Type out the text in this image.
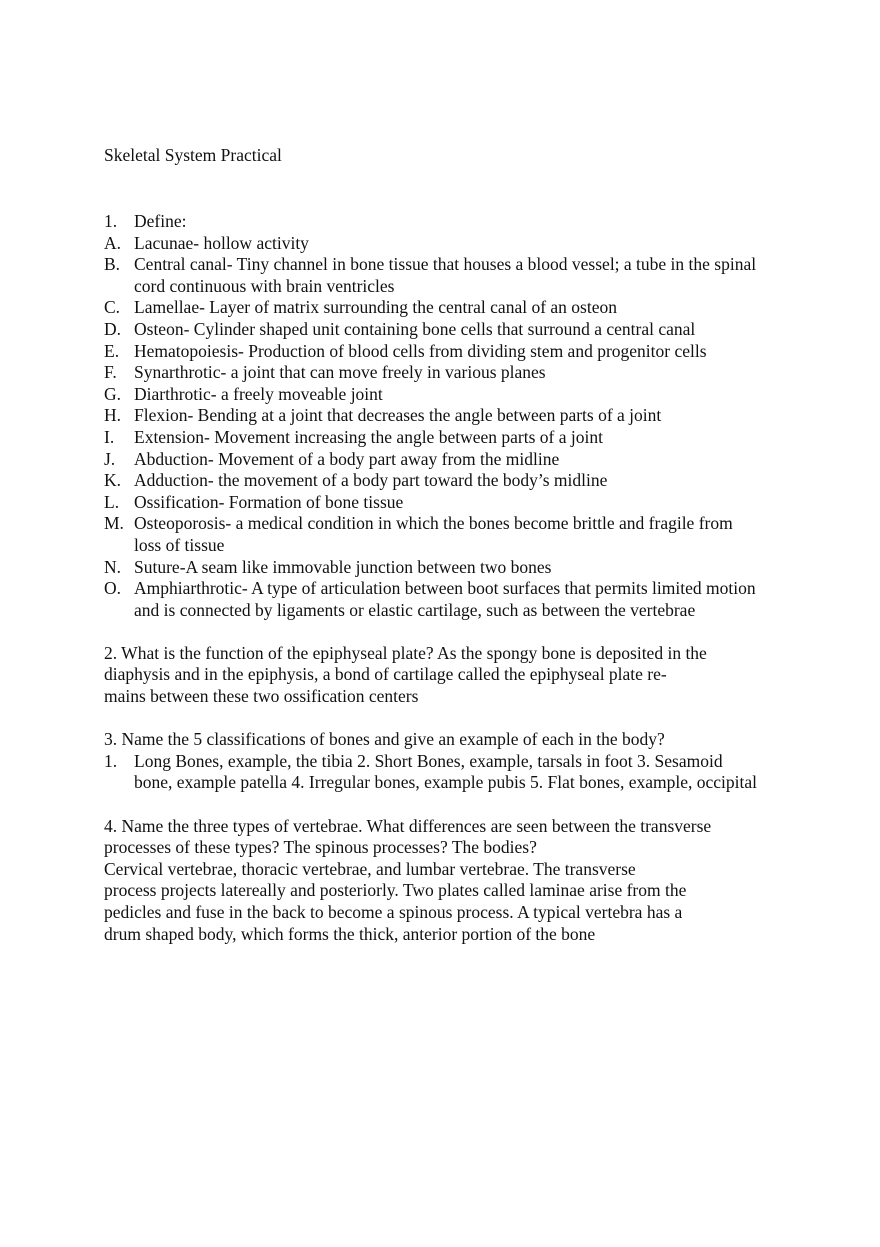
Skeletal System Practical
1. Define:
A. Lacunae- hollow activity
B. Central canal- Tiny channel in bone tissue that houses a blood vessel; a tube in the spinal cord continuous with brain ventricles
C. Lamellae- Layer of matrix surrounding the central canal of an osteon
D. Osteon- Cylinder shaped unit containing bone cells that surround a central canal
E. Hematopoiesis- Production of blood cells from dividing stem and progenitor cells
F. Synarthrotic- a joint that can move freely in various planes
G. Diarthrotic- a freely moveable joint
H. Flexion- Bending at a joint that decreases the angle between parts of a joint
I. Extension- Movement increasing the angle between parts of a joint
J. Abduction- Movement of a body part away from the midline
K. Adduction- the movement of a body part toward the body’s midline
L. Ossification- Formation of bone tissue
M. Osteoporosis- a medical condition in which the bones become brittle and fragile from loss of tissue
N. Suture-A seam like immovable junction between two bones
O. Amphiarthrotic- A type of articulation between boot surfaces that permits limited motion and is connected by ligaments or elastic cartilage, such as between the vertebrae
2. What is the function of the epiphyseal plate? As the spongy bone is deposited in the
diaphysis and in the epiphysis, a bond of cartilage called the epiphyseal plate re-
mains between these two ossification centers
3. Name the 5 classifications of bones and give an example of each in the body?
1. Long Bones, example, the tibia 2. Short Bones, example, tarsals in foot 3. Sesamoid bone, example patella 4. Irregular bones, example pubis 5. Flat bones, example, occipital
4. Name the three types of vertebrae. What differences are seen between the transverse
processes of these types? The spinous processes? The bodies?
Cervical vertebrae, thoracic vertebrae, and lumbar vertebrae. The transverse
process projects latereally and posteriorly. Two plates called laminae arise from the
pedicles and fuse in the back to become a spinous process. A typical vertebra has a
drum shaped body, which forms the thick, anterior portion of the bone
